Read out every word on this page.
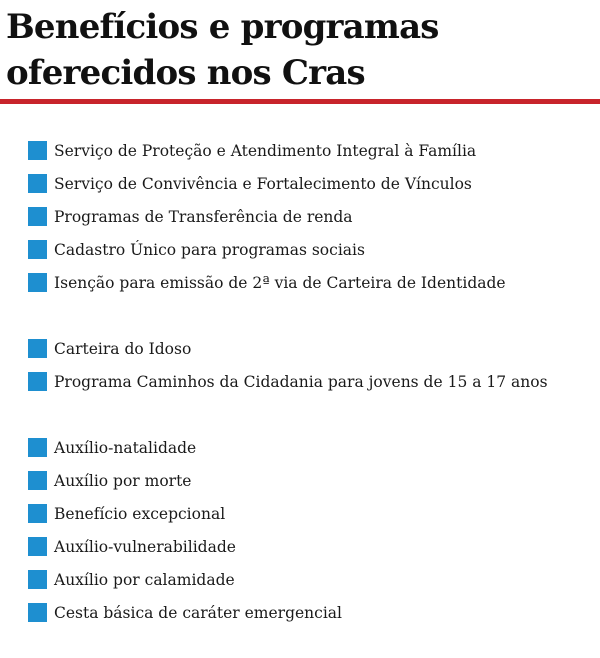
Benefícios e programas
oferecidos nos Cras
Serviço de Proteção e Atendimento Integral à Família
Serviço de Convivência e Fortalecimento de Vínculos
Programas de Transferência de renda
Cadastro Único para programas sociais
Isenção para emissão de 2ª via de Carteira de Identidade
Carteira do Idoso
Programa Caminhos da Cidadania para jovens de 15 a 17 anos
Auxílio-natalidade
Auxílio por morte
Benefício excepcional
Auxílio-vulnerabilidade
Auxílio por calamidade
Cesta básica de caráter emergencial
